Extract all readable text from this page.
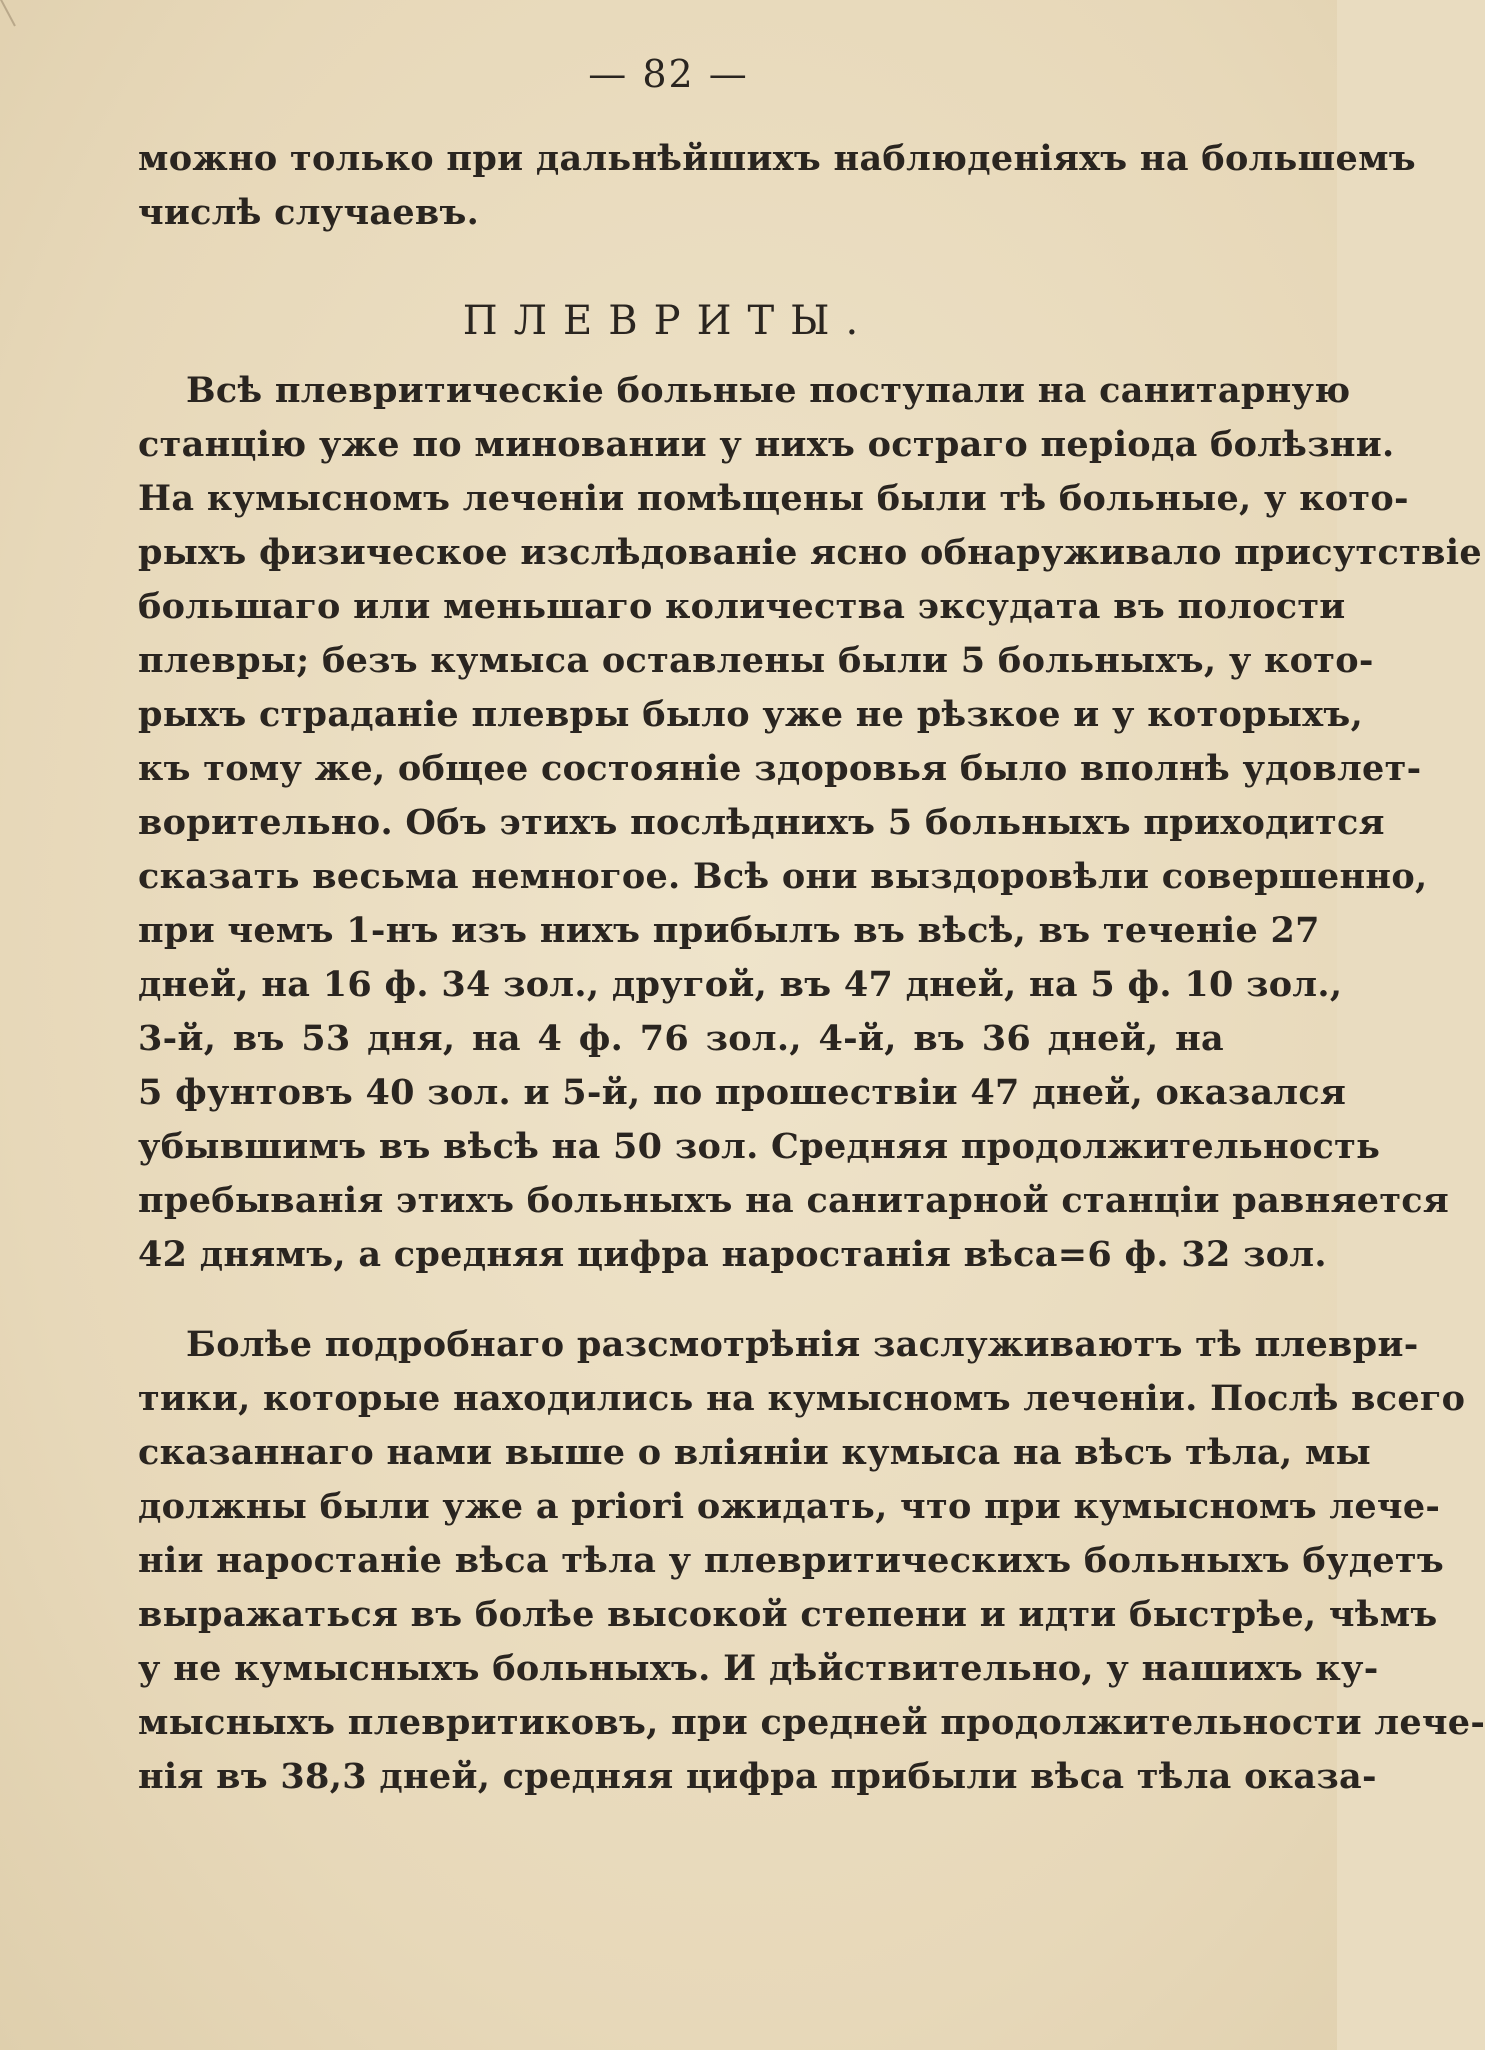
— 82 —
можно только при дальнѣйшихъ наблюденiяхъ на большемъ
числѣ случаевъ.
ПЛЕВРИТЫ.
Всѣ плевритическiе больные поступали на санитарную
станцiю уже по миновании у нихъ остраго перiода болѣзни.
На кумысномъ леченiи помѣщены были тѣ больные, у кото-
рыхъ физическое изслѣдованiе ясно обнаруживало присутствiе
большаго или меньшаго количества эксудата въ полости
плевры; безъ кумыса оставлены были 5 больныхъ, у кото-
рыхъ страданiе плевры было уже не рѣзкое и у которыхъ,
къ тому же, общее состоянiе здоровья было вполнѣ удовлет-
ворительно. Объ этихъ послѣднихъ 5 больныхъ приходится
сказать весьма немногое. Всѣ они выздоровѣли совершенно,
при чемъ 1-нъ изъ нихъ прибылъ въ вѣсѣ, въ теченiе 27
дней, на 16 ф. 34 зол., другой, въ 47 дней, на 5 ф. 10 зол.,
3-й, въ 53 дня, на 4 ф. 76 зол., 4-й, въ 36 дней, на
5 фунтовъ 40 зол. и 5-й, по прошествiи 47 дней, оказался
убывшимъ въ вѣсѣ на 50 зол. Средняя продолжительность
пребыванiя этихъ больныхъ на санитарной станцiи равняется
42 днямъ, а средняя цифра наростанiя вѣса=6 ф. 32 зол.
Болѣе подробнаго разсмотрѣнiя заслуживаютъ тѣ плеври-
тики, которые находились на кумысномъ леченiи. Послѣ всего
сказаннаго нами выше о влiянiи кумыса на вѣсъ тѣла, мы
должны были уже a priori ожидать, что при кумысномъ лече-
нiи наростанiе вѣса тѣла у плевритическихъ больныхъ будетъ
выражаться въ болѣе высокой степени и идти быстрѣе, чѣмъ
у не кумысныхъ больныхъ. И дѣйствительно, у нашихъ ку-
мысныхъ плевритиковъ, при средней продолжительности лече-
нiя въ 38,3 дней, средняя цифра прибыли вѣса тѣла оказа-
